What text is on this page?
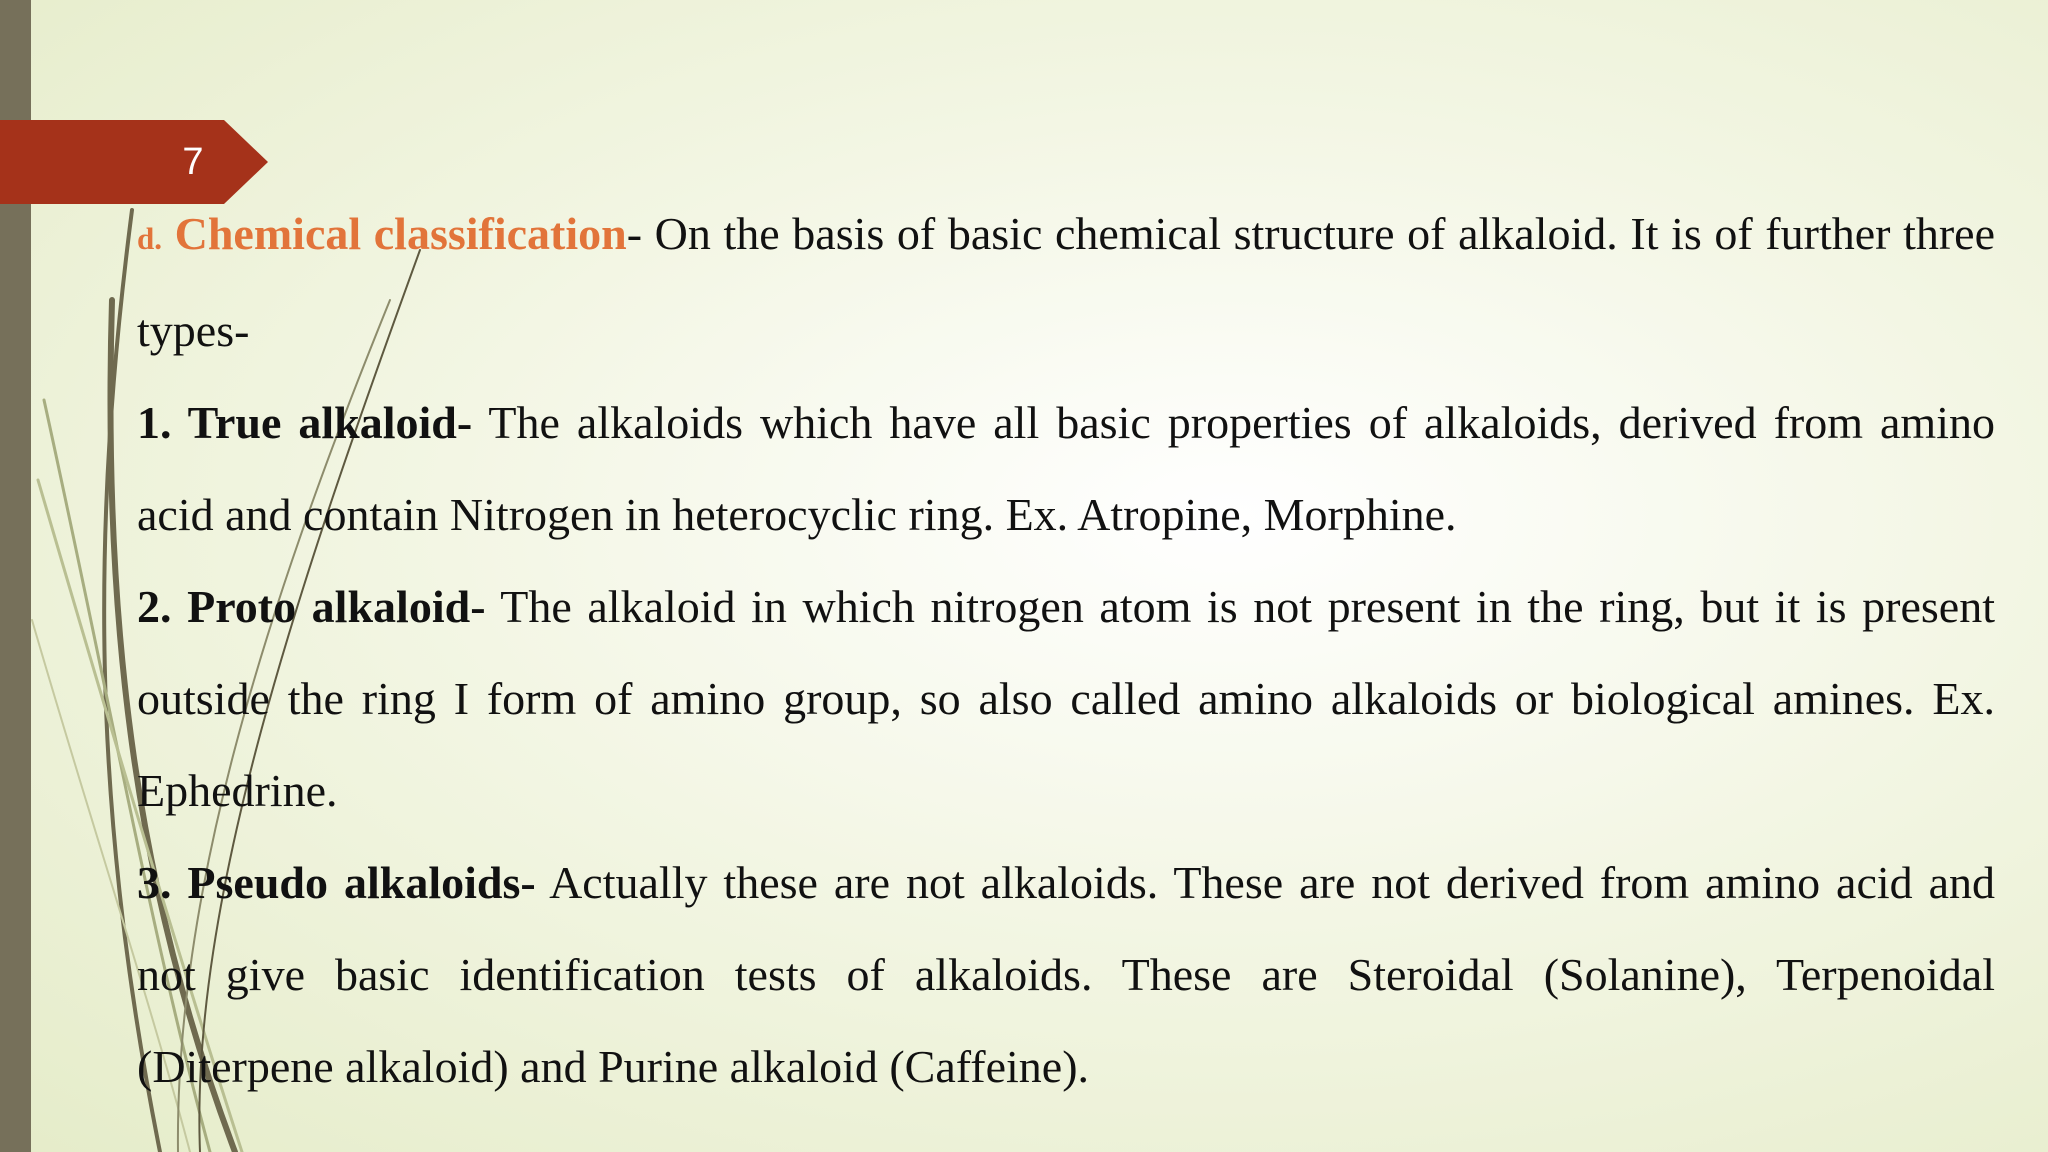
7

d. Chemical classification- On the basis of basic chemical structure of alkaloid. It is of further three types-

1. True alkaloid- The alkaloids which have all basic properties of alkaloids, derived from amino acid and contain Nitrogen in heterocyclic ring. Ex. Atropine, Morphine.

2. Proto alkaloid- The alkaloid in which nitrogen atom is not present in the ring, but it is present outside the ring I form of amino group, so also called amino alkaloids or biological amines. Ex. Ephedrine.

3. Pseudo alkaloids- Actually these are not alkaloids. These are not derived from amino acid and not give basic identification tests of alkaloids. These are Steroidal (Solanine), Terpenoidal (Diterpene alkaloid) and Purine alkaloid (Caffeine).
